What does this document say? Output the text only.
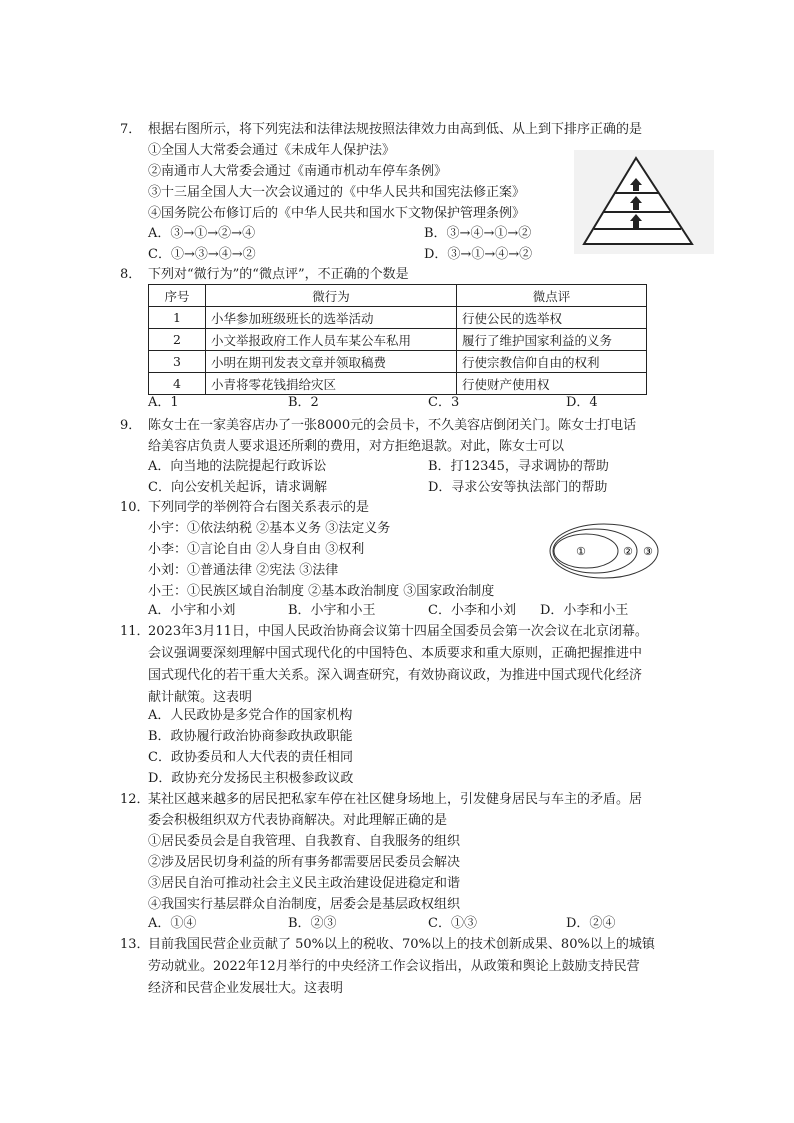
7． 根据右图所示，将下列宪法和法律法规按照法律效力由高到低、从上到下排序正确的是
①全国人大常委会通过《未成年人保护法》
②南通市人大常委会通过《南通市机动车停车条例》
③十三届全国人大一次会议通过的《中华人民共和国宪法修正案》
④国务院公布修订后的《中华人民共和国水下文物保护管理条例》
A．③→①→②→④	B．③→④→①→②
C．①→③→④→②	D．③→①→④→②
8． 下列对“微行为”的“微点评”，不正确的个数是
序号	微行为	微点评
1	小华参加班级班长的选举活动	行使公民的选举权
2	小文举报政府工作人员车某公车私用	履行了维护国家利益的义务
3	小明在期刊发表文章并领取稿费	行使宗教信仰自由的权利
4	小青将零花钱捐给灾区	行使财产使用权
A．1	B．2	C．3	D．4
9． 陈女士在一家美容店办了一张8000元的会员卡，不久美容店倒闭关门。陈女士打电话
给美容店负责人要求退还所剩的费用，对方拒绝退款。对此，陈女士可以
A．向当地的法院提起行政诉讼	B．打12345，寻求调协的帮助
C．向公安机关起诉，请求调解	D．寻求公安等执法部门的帮助
10．
下列同学的举例符合右图关系表示的是
小宇：①依法纳税 ②基本义务 ③法定义务
小李：①言论自由 ②人身自由 ③权利
小刘：①普通法律 ②宪法 ③法律
小王：①民族区域自治制度 ②基本政治制度 ③国家政治制度
A．小宇和小刘	B．小宇和小王	C．小李和小刘 D．小李和小王
①	② ③
11．
2023年3月11日，中国人民政治协商会议第十四届全国委员会第一次会议在北京闭幕。
会议强调要深刻理解中国式现代化的中国特色、本质要求和重大原则，正确把握推进中
国式现代化的若干重大关系。深入调查研究，有效协商议政，为推进中国式现代化经济
献计献策。这表明
A．人民政协是多党合作的国家机构
B．政协履行政治协商参政执政职能
C．政协委员和人大代表的责任相同
D．政协充分发扬民主积极参政议政
12．
某社区越来越多的居民把私家车停在社区健身场地上，引发健身居民与车主的矛盾。居
委会积极组织双方代表协商解决。对此理解正确的是
①居民委员会是自我管理、自我教育、自我服务的组织
②涉及居民切身利益的所有事务都需要居民委员会解决
③居民自治可推动社会主义民主政治建设促进稳定和谐
④我国实行基层群众自治制度，居委会是基层政权组织
A．①④	B．②③	C．①③	D．②④
13．
目前我国民营企业贡献了 50%以上的税收、70%以上的技术创新成果、80%以上的城镇
劳动就业。2022年12月举行的中央经济工作会议指出，从政策和舆论上鼓励支持民营
经济和民营企业发展壮大。这表明
